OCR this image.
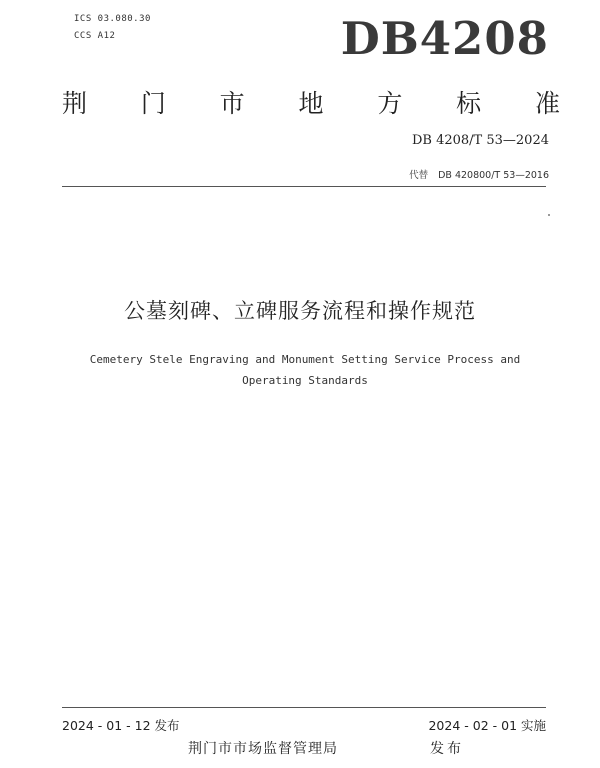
ICS 03.080.30
CCS A12	DB4208
荆 门 市 地 方 标 准
DB 4208/T 53—2024
代替 DB 420800/T 53—2016
公墓刻碑、立碑服务流程和操作规范
Cemetery Stele Engraving and Monument Setting Service Process and
Operating Standards
2024 - 01 - 12 发布	2024 - 02 - 01 实施
荆门市市场监督管理局	发布
